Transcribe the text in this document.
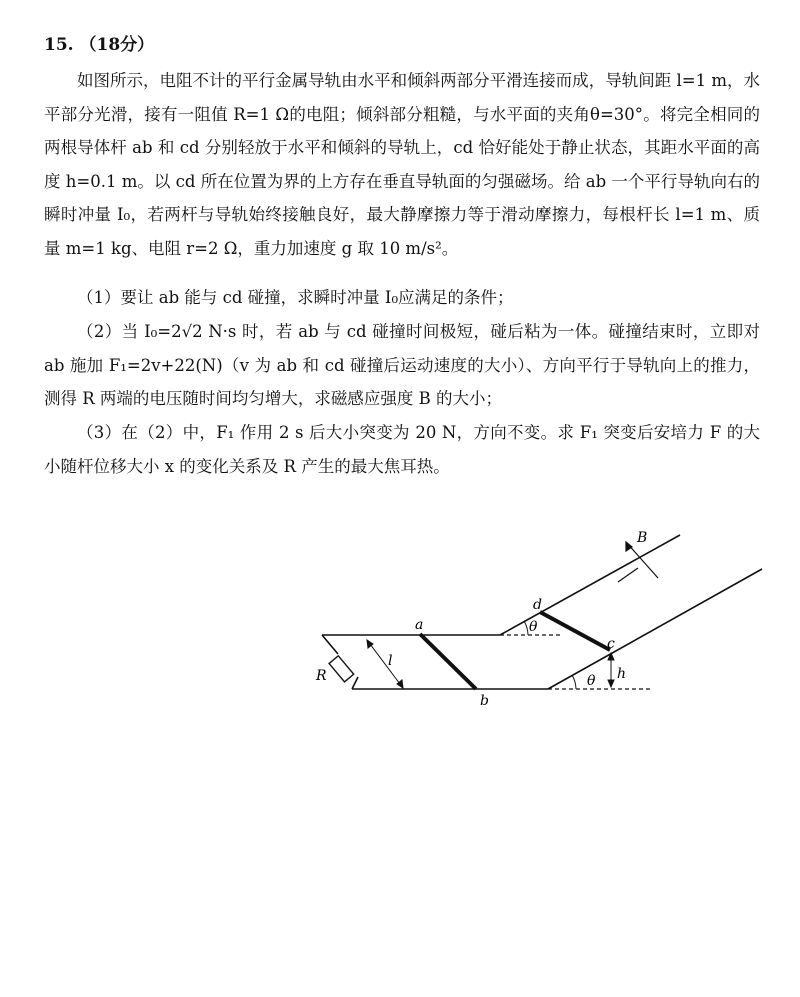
15. （18分）
如图所示，电阻不计的平行金属导轨由水平和倾斜两部分平滑连接而成，导轨间距 l=1 m，水平部分光滑，接有一阻值 R=1 Ω的电阻；倾斜部分粗糙，与水平面的夹角θ=30°。将完全相同的两根导体杆 ab 和 cd 分别轻放于水平和倾斜的导轨上，cd 恰好能处于静止状态，其距水平面的高度 h=0.1 m。以 cd 所在位置为界的上方存在垂直导轨面的匀强磁场。给 ab 一个平行导轨向右的瞬时冲量 I₀，若两杆与导轨始终接触良好，最大静摩擦力等于滑动摩擦力，每根杆长 l=1 m、质量 m=1 kg、电阻 r=2 Ω，重力加速度 g 取 10 m/s²。
（1）要让 ab 能与 cd 碰撞，求瞬时冲量 I₀应满足的条件；
（2）当 I₀=2√2 N·s 时，若 ab 与 cd 碰撞时间极短，碰后粘为一体。碰撞结束时，立即对 ab 施加 F₁=2v+22(N)（v 为 ab 和 cd 碰撞后运动速度的大小）、方向平行于导轨向上的推力，测得 R 两端的电压随时间均匀增大，求磁感应强度 B 的大小；
（3）在（2）中，F₁ 作用 2 s 后大小突变为 20 N，方向不变。求 F₁ 突变后安培力 F 的大小随杆位移大小 x 的变化关系及 R 产生的最大焦耳热。
B
a
b
d
c
l
R	h
θ
θ
